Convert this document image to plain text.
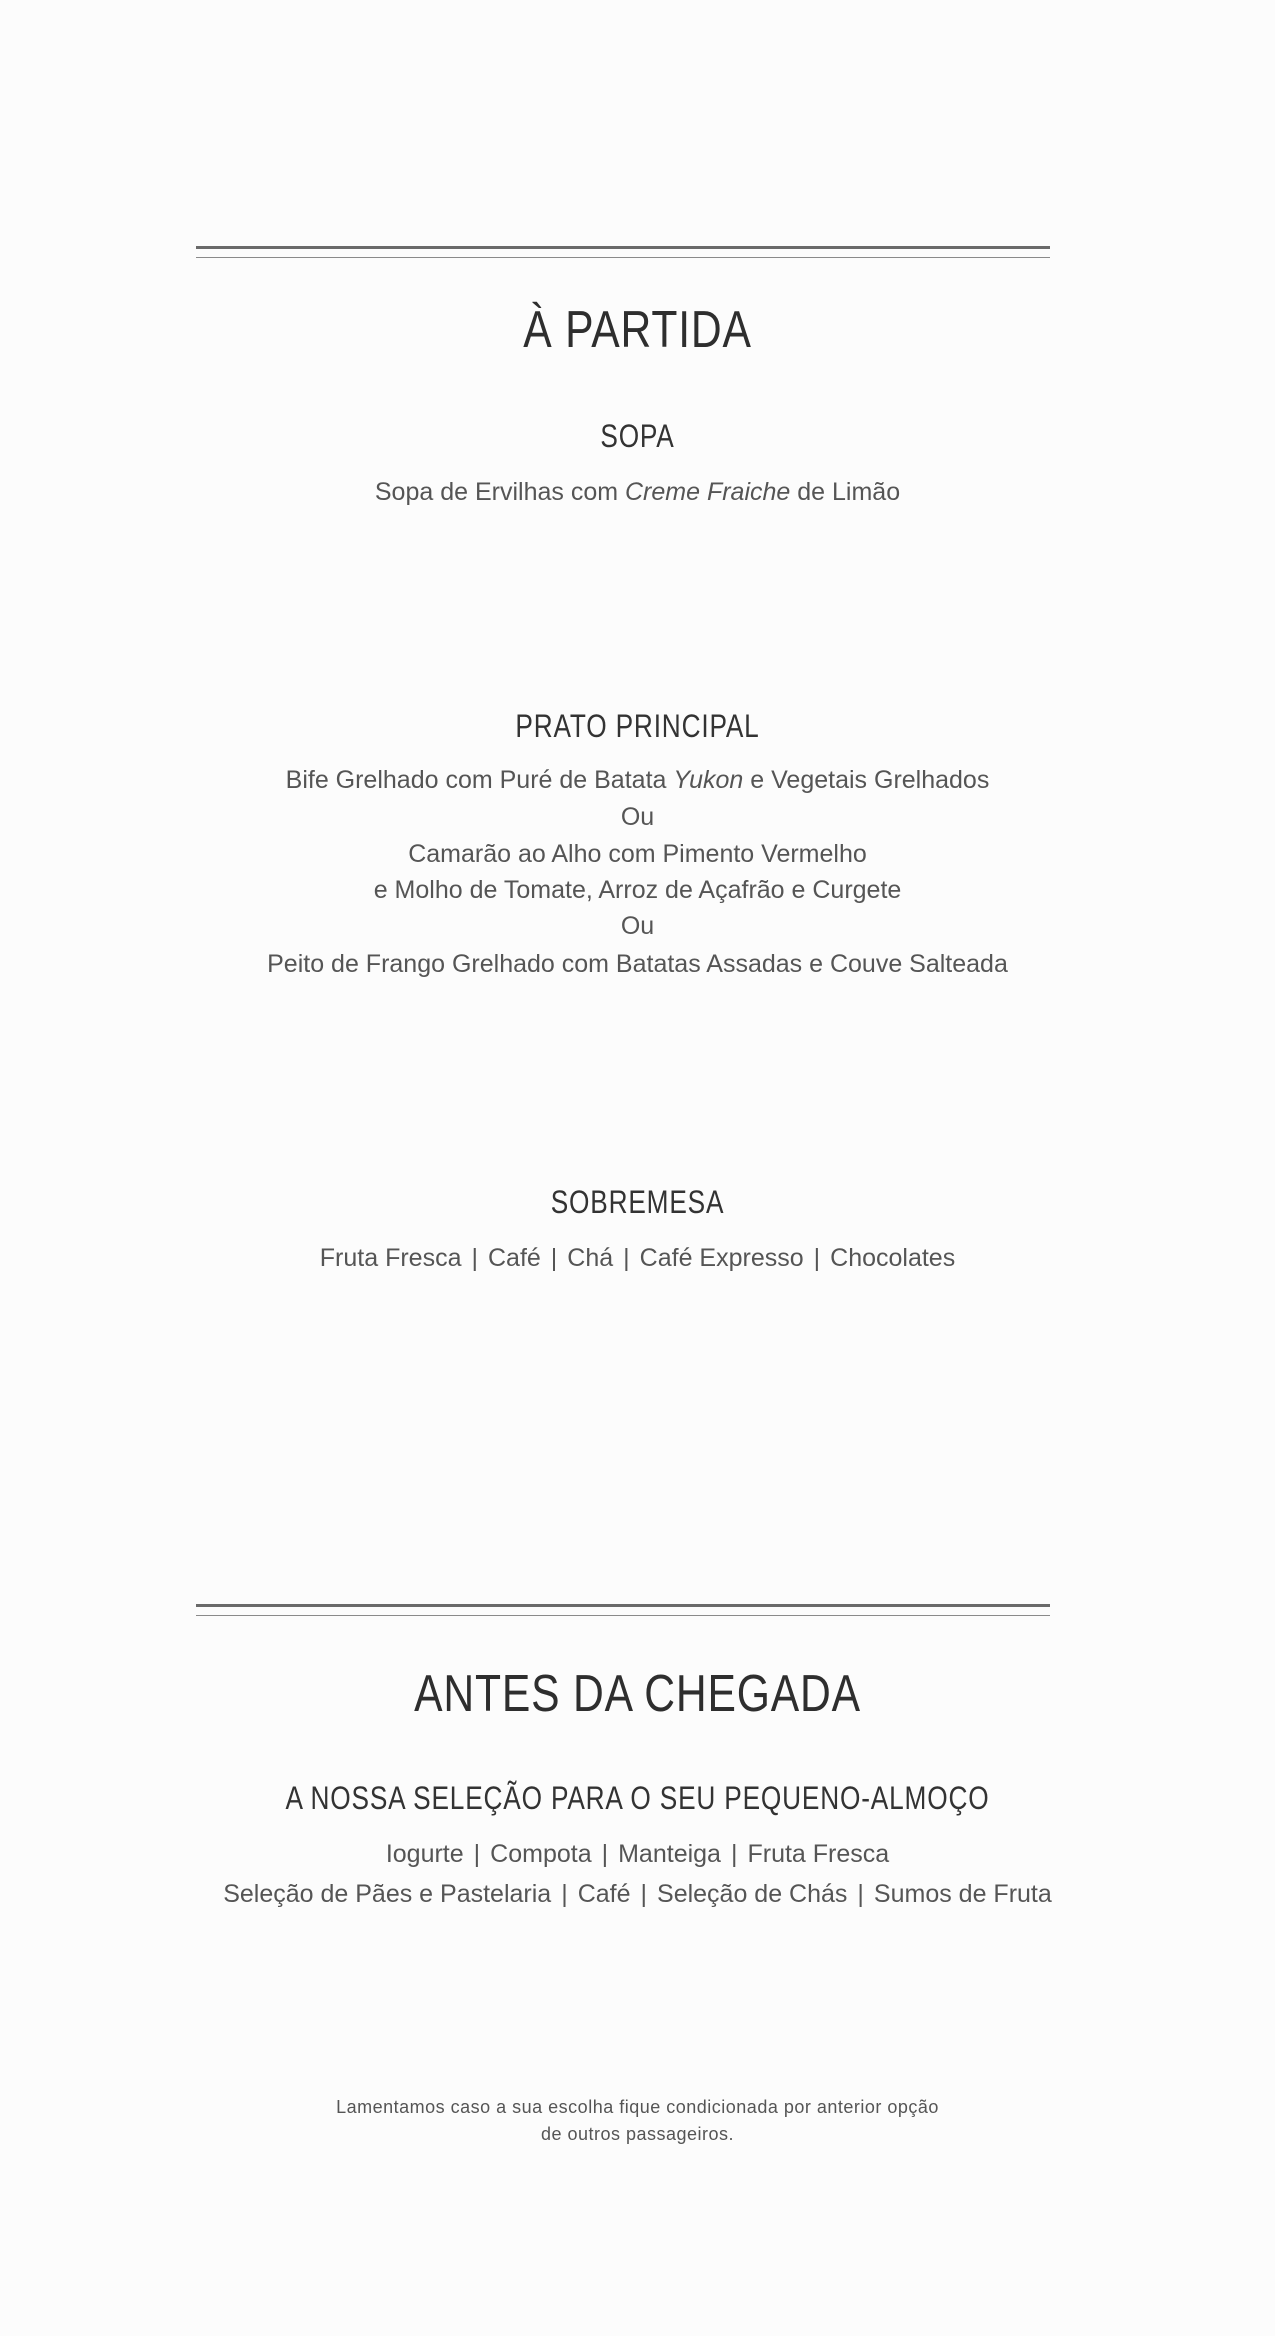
À PARTIDA
SOPA
Sopa de Ervilhas com Creme Fraiche de Limão
PRATO PRINCIPAL
Bife Grelhado com Puré de Batata Yukon e Vegetais Grelhados
Ou
Camarão ao Alho com Pimento Vermelho
e Molho de Tomate, Arroz de Açafrão e Curgete
Ou
Peito de Frango Grelhado com Batatas Assadas e Couve Salteada
SOBREMESA
Fruta Fresca | Café | Chá | Café Expresso | Chocolates
ANTES DA CHEGADA
A NOSSA SELEÇÃO PARA O SEU PEQUENO-ALMOÇO
Iogurte | Compota | Manteiga | Fruta Fresca
Seleção de Pães e Pastelaria | Café | Seleção de Chás | Sumos de Fruta
Lamentamos caso a sua escolha fique condicionada por anterior opção
de outros passageiros.
